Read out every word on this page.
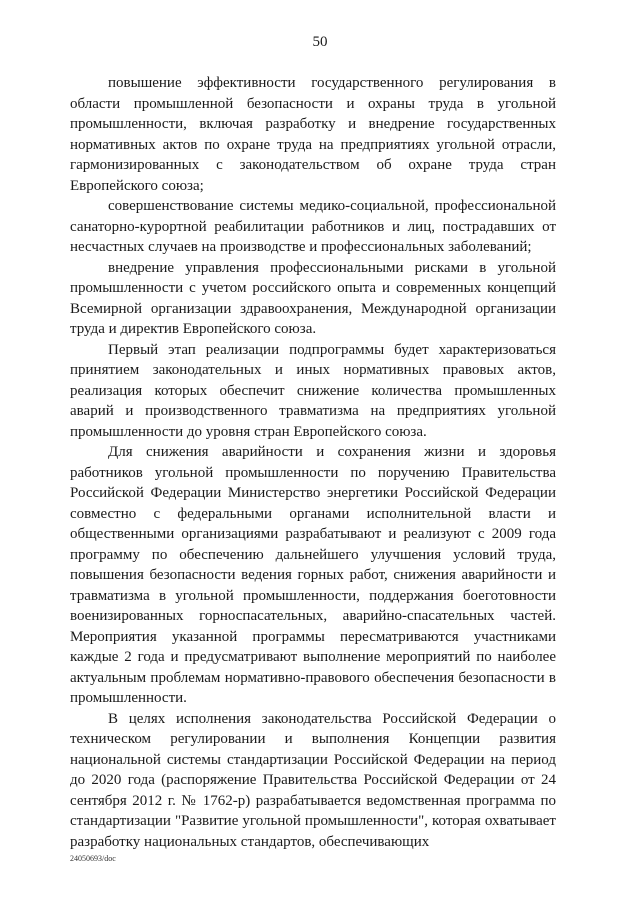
50

повышение эффективности государственного регулирования в области промышленной безопасности и охраны труда в угольной промышленности, включая разработку и внедрение государственных нормативных актов по охране труда на предприятиях угольной отрасли, гармонизированных с законодательством об охране труда стран Европейского союза;

совершенствование системы медико-социальной, профессиональной санаторно-курортной реабилитации работников и лиц, пострадавших от несчастных случаев на производстве и профессиональных заболеваний;

внедрение управления профессиональными рисками в угольной промышленности с учетом российского опыта и современных концепций Всемирной организации здравоохранения, Международной организации труда и директив Европейского союза.

Первый этап реализации подпрограммы будет характеризоваться принятием законодательных и иных нормативных правовых актов, реализация которых обеспечит снижение количества промышленных аварий и производственного травматизма на предприятиях угольной промышленности до уровня стран Европейского союза.

Для снижения аварийности и сохранения жизни и здоровья работников угольной промышленности по поручению Правительства Российской Федерации Министерство энергетики Российской Федерации совместно с федеральными органами исполнительной власти и общественными организациями разрабатывают и реализуют с 2009 года программу по обеспечению дальнейшего улучшения условий труда, повышения безопасности ведения горных работ, снижения аварийности и травматизма в угольной промышленности, поддержания боеготовности военизированных горноспасательных, аварийно-спасательных частей. Мероприятия указанной программы пересматриваются участниками каждые 2 года и предусматривают выполнение мероприятий по наиболее актуальным проблемам нормативно-правового обеспечения безопасности в промышленности.

В целях исполнения законодательства Российской Федерации о техническом регулировании и выполнения Концепции развития национальной системы стандартизации Российской Федерации на период до 2020 года (распоряжение Правительства Российской Федерации от 24 сентября 2012 г. № 1762-р) разрабатывается ведомственная программа по стандартизации "Развитие угольной промышленности", которая охватывает разработку национальных стандартов, обеспечивающих

2405069З/doc
